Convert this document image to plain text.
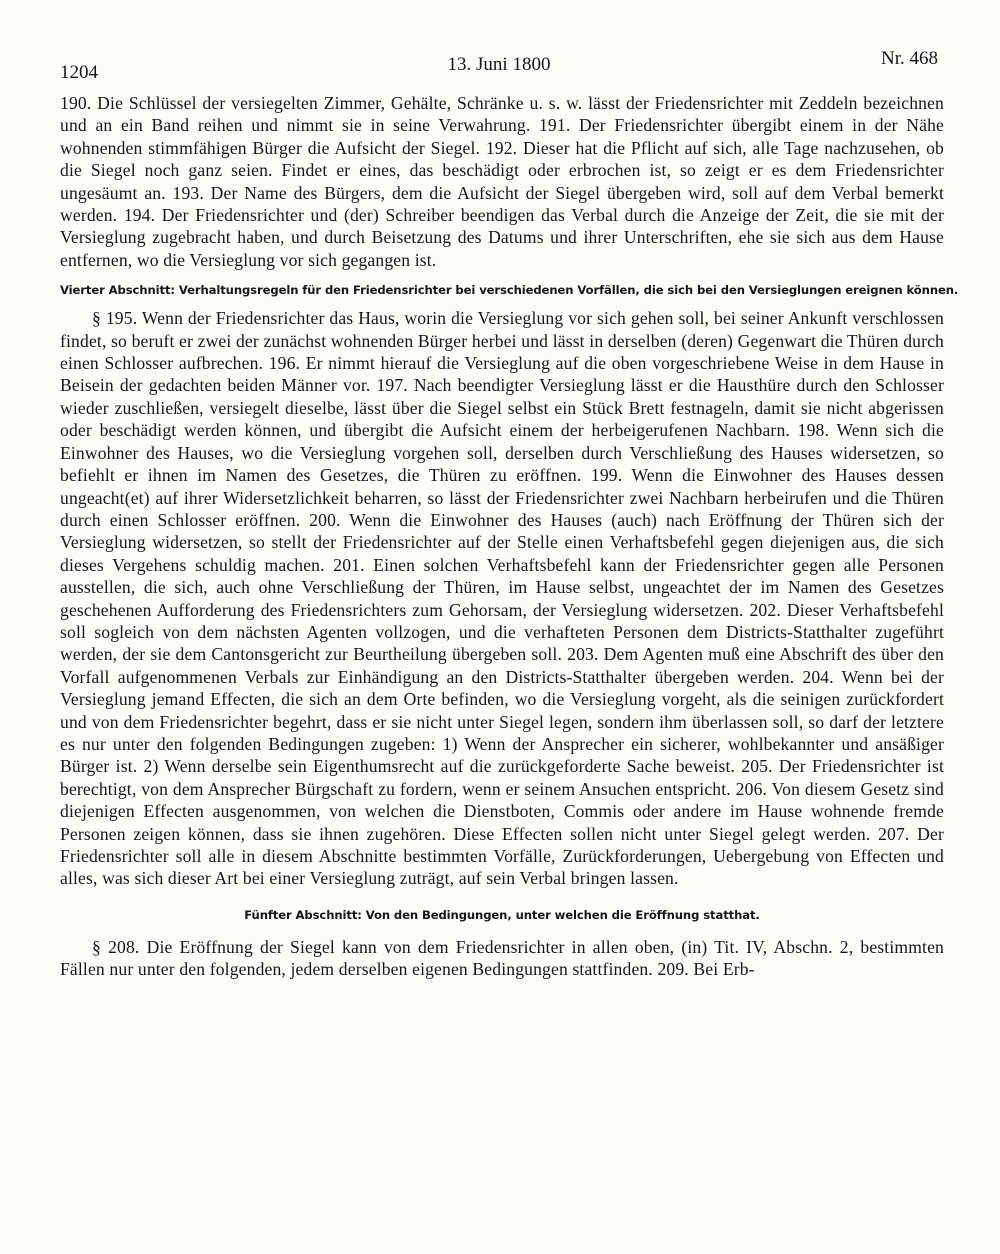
1204	13. Juni 1800	Nr. 468

190. Die Schlüssel der versiegelten Zimmer, Gehälte, Schränke u. s. w. lässt der Friedensrichter mit Zeddeln bezeichnen und an ein Band reihen und nimmt sie in seine Verwahrung. 191. Der Friedensrichter übergibt einem in der Nähe wohnenden stimmfähigen Bürger die Aufsicht der Siegel. 192. Dieser hat die Pflicht auf sich, alle Tage nachzusehen, ob die Siegel noch ganz seien. Findet er eines, das beschädigt oder erbrochen ist, so zeigt er es dem Friedensrichter ungesäumt an. 193. Der Name des Bürgers, dem die Aufsicht der Siegel übergeben wird, soll auf dem Verbal bemerkt werden. 194. Der Friedensrichter und (der) Schreiber beendigen das Verbal durch die Anzeige der Zeit, die sie mit der Versieglung zugebracht haben, und durch Beisetzung des Datums und ihrer Unterschriften, ehe sie sich aus dem Hause entfernen, wo die Versieglung vor sich gegangen ist.

Vierter Abschnitt: Verhaltungsregeln für den Friedensrichter bei verschiedenen Vorfällen, die sich bei den Versieglungen ereignen können.

§ 195. Wenn der Friedensrichter das Haus, worin die Versieglung vor sich gehen soll, bei seiner Ankunft verschlossen findet, so beruft er zwei der zunächst wohnenden Bürger herbei und lässt in derselben (deren) Gegenwart die Thüren durch einen Schlosser aufbrechen. 196. Er nimmt hierauf die Versieglung auf die oben vorgeschriebene Weise in dem Hause in Beisein der gedachten beiden Männer vor. 197. Nach beendigter Versieglung lässt er die Hausthüre durch den Schlosser wieder zuschließen, versiegelt dieselbe, lässt über die Siegel selbst ein Stück Brett festnageln, damit sie nicht abgerissen oder beschädigt werden können, und übergibt die Aufsicht einem der herbeigerufenen Nachbarn. 198. Wenn sich die Einwohner des Hauses, wo die Versieglung vorgehen soll, derselben durch Verschließung des Hauses widersetzen, so befiehlt er ihnen im Namen des Gesetzes, die Thüren zu eröffnen. 199. Wenn die Einwohner des Hauses dessen ungeacht(et) auf ihrer Widersetzlichkeit beharren, so lässt der Friedensrichter zwei Nachbarn herbeirufen und die Thüren durch einen Schlosser eröffnen. 200. Wenn die Einwohner des Hauses (auch) nach Eröffnung der Thüren sich der Versieglung widersetzen, so stellt der Friedensrichter auf der Stelle einen Verhaftsbefehl gegen diejenigen aus, die sich dieses Vergehens schuldig machen. 201. Einen solchen Verhaftsbefehl kann der Friedensrichter gegen alle Personen ausstellen, die sich, auch ohne Verschließung der Thüren, im Hause selbst, ungeachtet der im Namen des Gesetzes geschehenen Aufforderung des Friedensrichters zum Gehorsam, der Versieglung widersetzen. 202. Dieser Verhaftsbefehl soll sogleich von dem nächsten Agenten vollzogen, und die verhafteten Personen dem Districts-Statthalter zugeführt werden, der sie dem Cantonsgericht zur Beurtheilung übergeben soll. 203. Dem Agenten muß eine Abschrift des über den Vorfall aufgenommenen Verbals zur Einhändigung an den Districts-Statthalter übergeben werden. 204. Wenn bei der Versieglung jemand Effecten, die sich an dem Orte befinden, wo die Versieglung vorgeht, als die seinigen zurückfordert und von dem Friedensrichter begehrt, dass er sie nicht unter Siegel legen, sondern ihm überlassen soll, so darf der letztere es nur unter den folgenden Bedingungen zugeben: 1) Wenn der Ansprecher ein sicherer, wohlbekannter und ansäßiger Bürger ist. 2) Wenn derselbe sein Eigenthumsrecht auf die zurückgeforderte Sache beweist. 205. Der Friedensrichter ist berechtigt, von dem Ansprecher Bürgschaft zu fordern, wenn er seinem Ansuchen entspricht. 206. Von diesem Gesetz sind diejenigen Effecten ausgenommen, von welchen die Dienstboten, Commis oder andere im Hause wohnende fremde Personen zeigen können, dass sie ihnen zugehören. Diese Effecten sollen nicht unter Siegel gelegt werden. 207. Der Friedensrichter soll alle in diesem Abschnitte bestimmten Vorfälle, Zurückforderungen, Uebergebung von Effecten und alles, was sich dieser Art bei einer Versieglung zuträgt, auf sein Verbal bringen lassen.

Fünfter Abschnitt: Von den Bedingungen, unter welchen die Eröffnung statthat.

§ 208. Die Eröffnung der Siegel kann von dem Friedensrichter in allen oben, (in) Tit. IV, Abschn. 2, bestimmten Fällen nur unter den folgenden, jedem derselben eigenen Bedingungen stattfinden. 209. Bei Erb-
